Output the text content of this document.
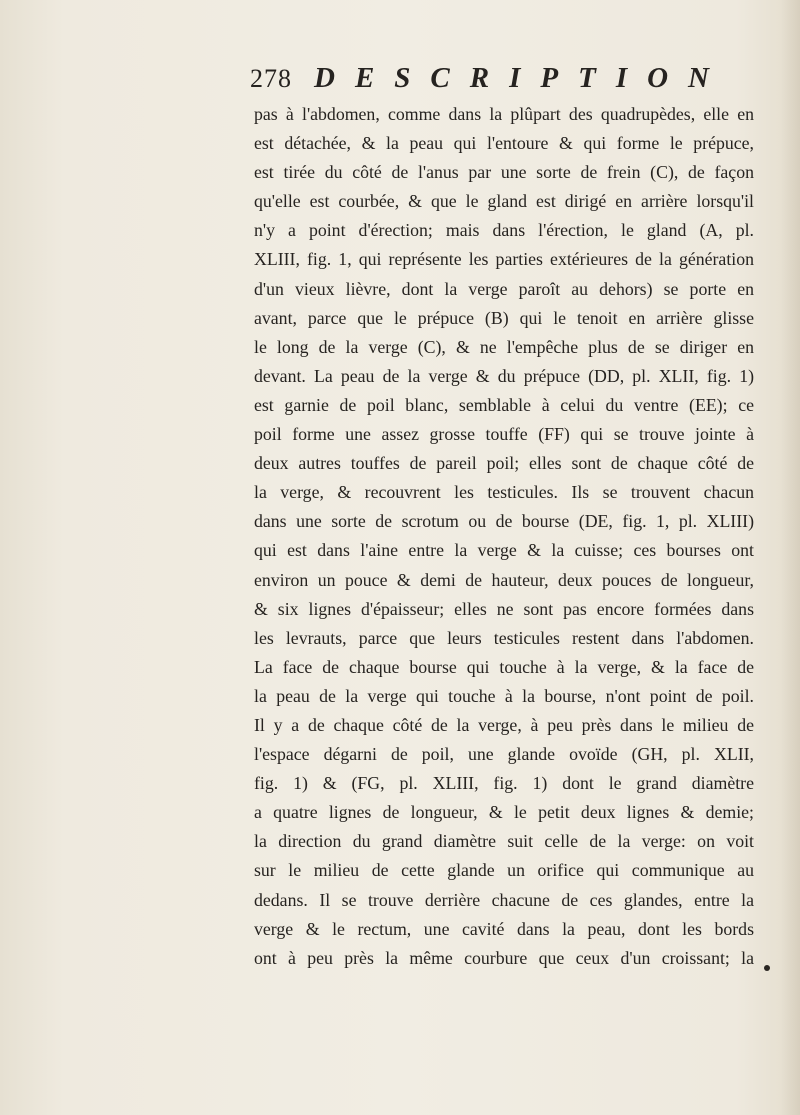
278 DESCRIPTION
pas à l'abdomen, comme dans la plûpart des quadrupèdes, elle en
est détachée, & la peau qui l'entoure & qui forme le prépuce,
est tirée du côté de l'anus par une sorte de frein (C), de façon
qu'elle est courbée, & que le gland est dirigé en arrière lorsqu'il
n'y a point d'érection; mais dans l'érection, le gland (A, pl.
XLIII, fig. 1, qui représente les parties extérieures de la génération
d'un vieux lièvre, dont la verge paroît au dehors) se porte en
avant, parce que le prépuce (B) qui le tenoit en arrière glisse
le long de la verge (C), & ne l'empêche plus de se diriger en
devant. La peau de la verge & du prépuce (DD, pl. XLII, fig. 1)
est garnie de poil blanc, semblable à celui du ventre (EE); ce
poil forme une assez grosse touffe (FF) qui se trouve jointe à
deux autres touffes de pareil poil; elles sont de chaque côté de
la verge, & recouvrent les testicules. Ils se trouvent chacun
dans une sorte de scrotum ou de bourse (DE, fig. 1, pl. XLIII)
qui est dans l'aine entre la verge & la cuisse; ces bourses ont
environ un pouce & demi de hauteur, deux pouces de longueur,
& six lignes d'épaisseur; elles ne sont pas encore formées dans
les levrauts, parce que leurs testicules restent dans l'abdomen.
La face de chaque bourse qui touche à la verge, & la face de
la peau de la verge qui touche à la bourse, n'ont point de poil.
Il y a de chaque côté de la verge, à peu près dans le milieu de
l'espace dégarni de poil, une glande ovoïde (GH, pl. XLII,
fig. 1) & (FG, pl. XLIII, fig. 1) dont le grand diamètre
a quatre lignes de longueur, & le petit deux lignes & demie;
la direction du grand diamètre suit celle de la verge: on voit
sur le milieu de cette glande un orifice qui communique au
dedans. Il se trouve derrière chacune de ces glandes, entre la
verge & le rectum, une cavité dans la peau, dont les bords
ont à peu près la même courbure que ceux d'un croissant; la
